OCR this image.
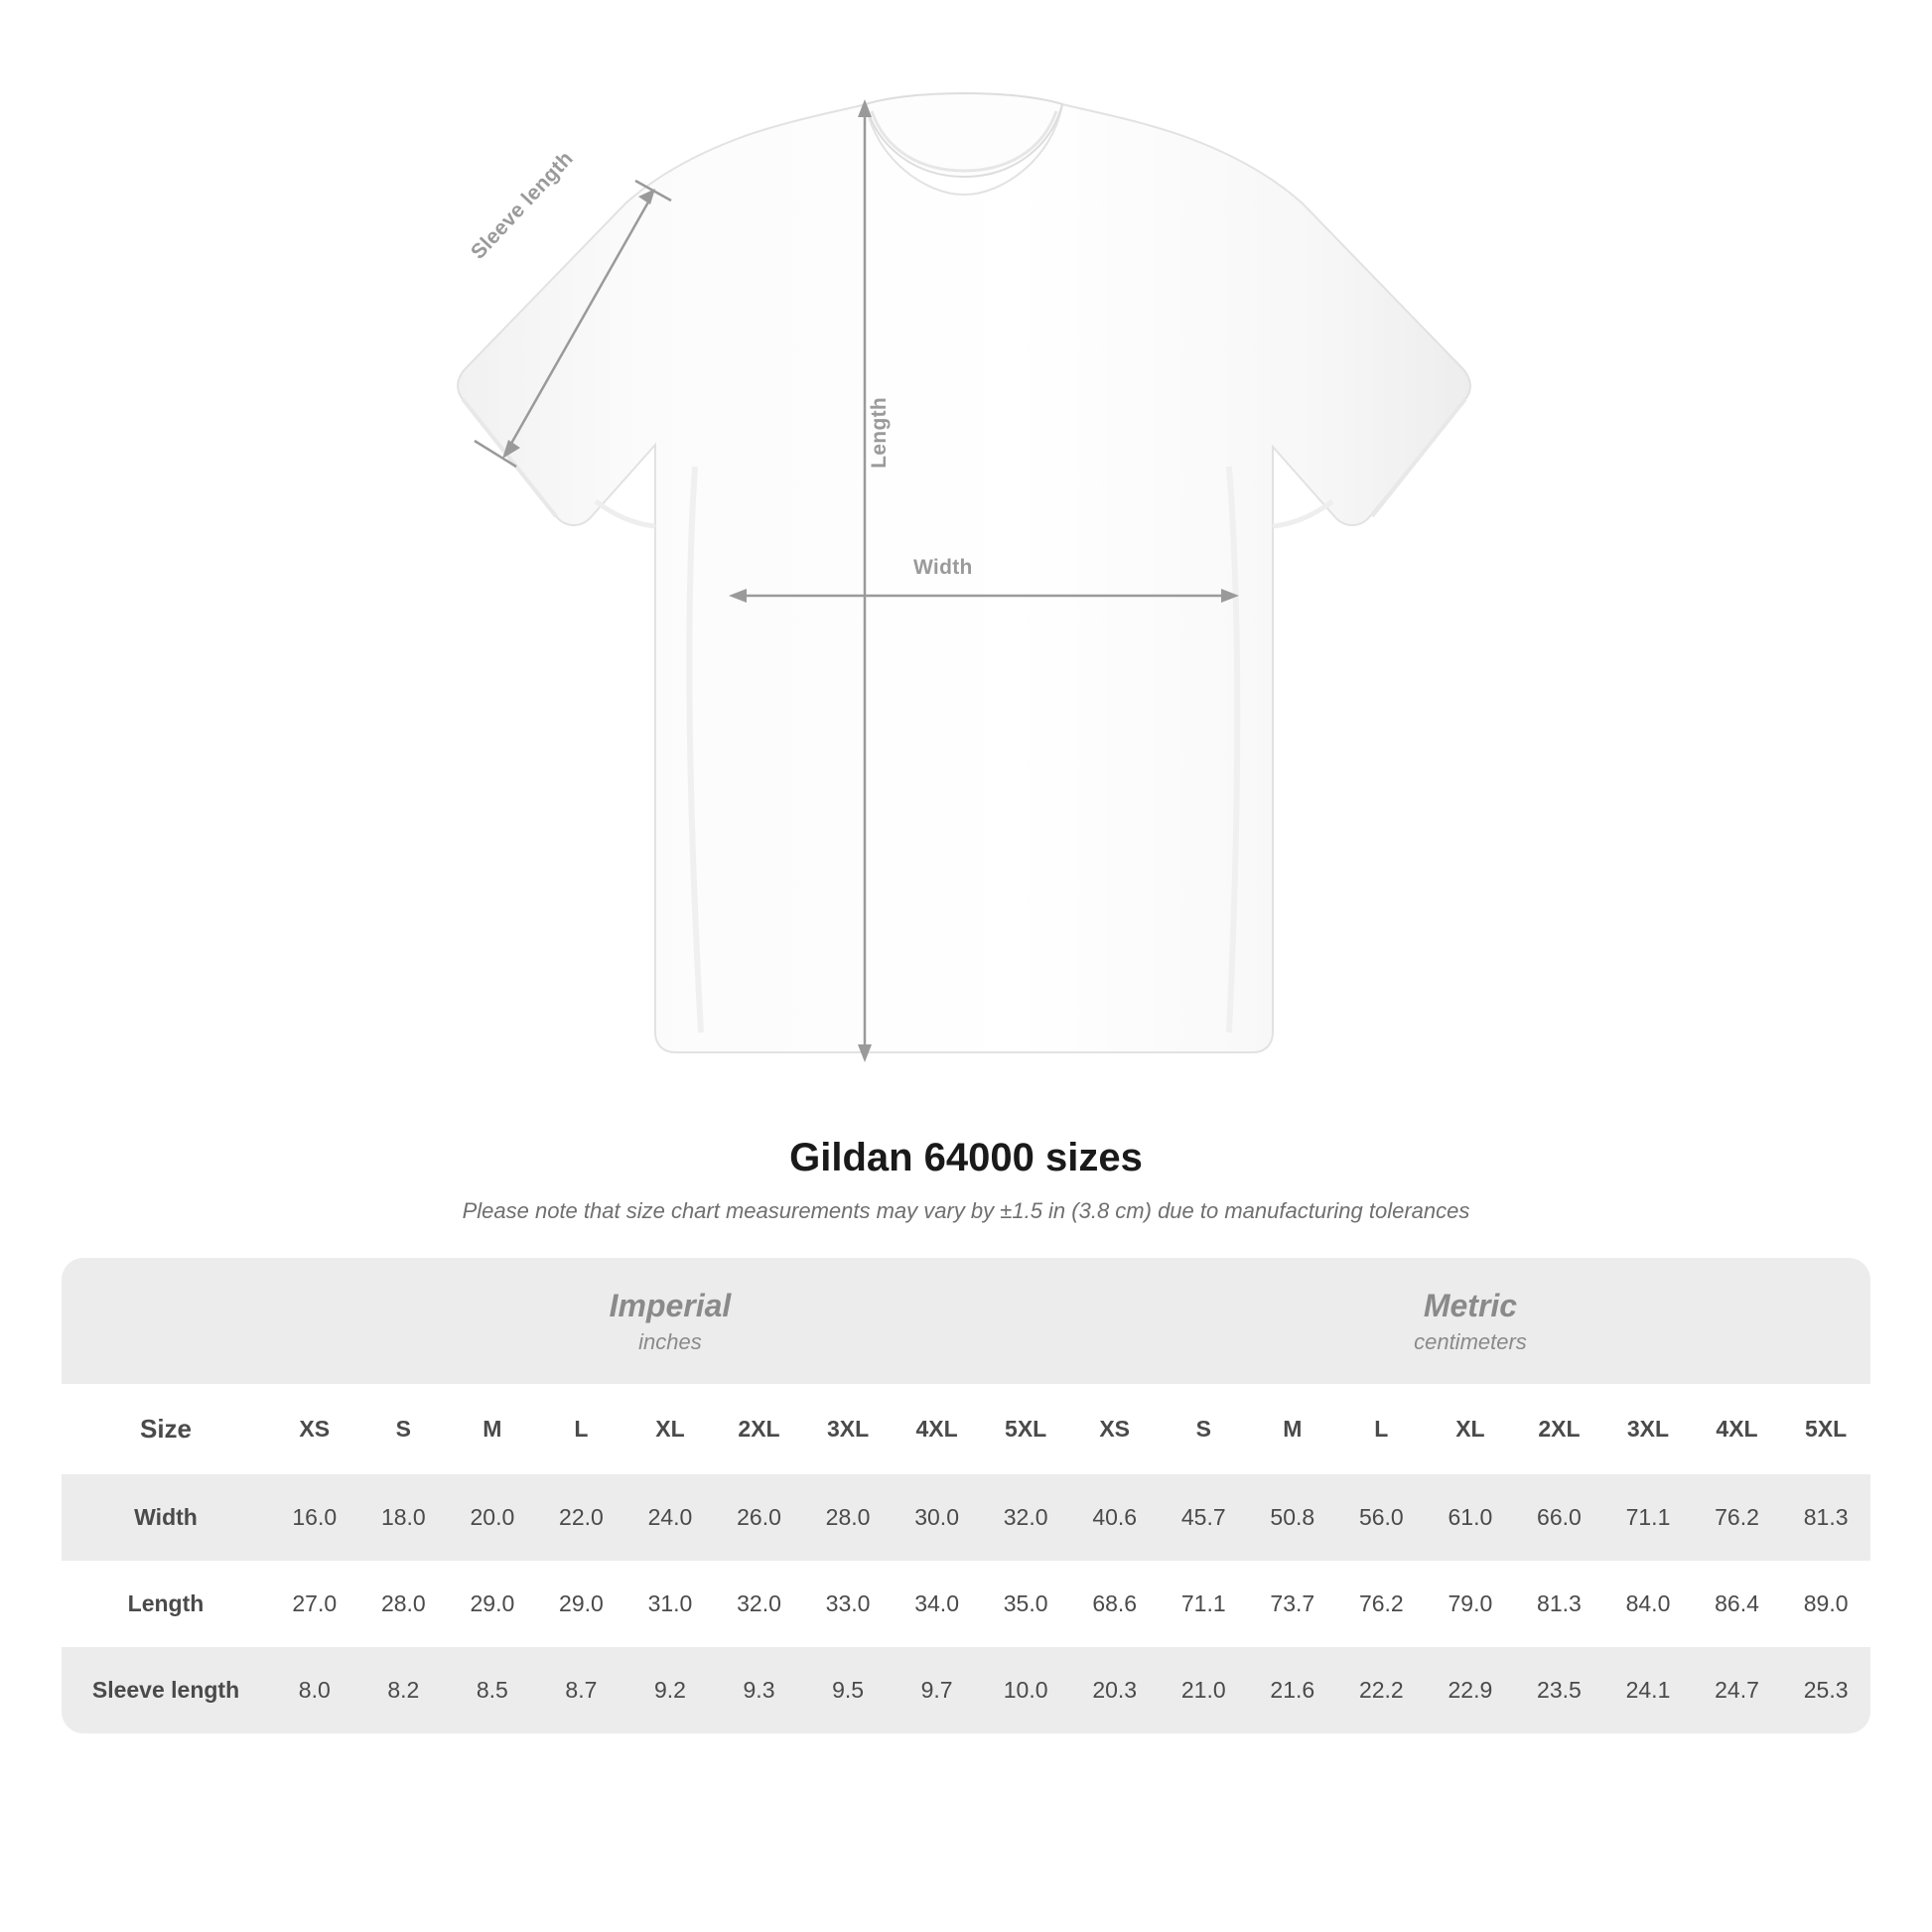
Length
Width
Sleeve length
Gildan 64000 sizes

Please note that size chart measurements may vary by ±1.5 in (3.8 cm) due to manufacturing tolerances

Imperial
inches

Metric
centimeters

Size	XS	S	M	L	XL	2XL	3XL	4XL	5XL	XS	S	M	L	XL	2XL	3XL	4XL	5XL
Width	16.0	18.0	20.0	22.0	24.0	26.0	28.0	30.0	32.0	40.6	45.7	50.8	56.0	61.0	66.0	71.1	76.2	81.3
Length	27.0	28.0	29.0	29.0	31.0	32.0	33.0	34.0	35.0	68.6	71.1	73.7	76.2	79.0	81.3	84.0	86.4	89.0
Sleeve length	8.0	8.2	8.5	8.7	9.2	9.3	9.5	9.7	10.0	20.3	21.0	21.6	22.2	22.9	23.5	24.1	24.7	25.3
